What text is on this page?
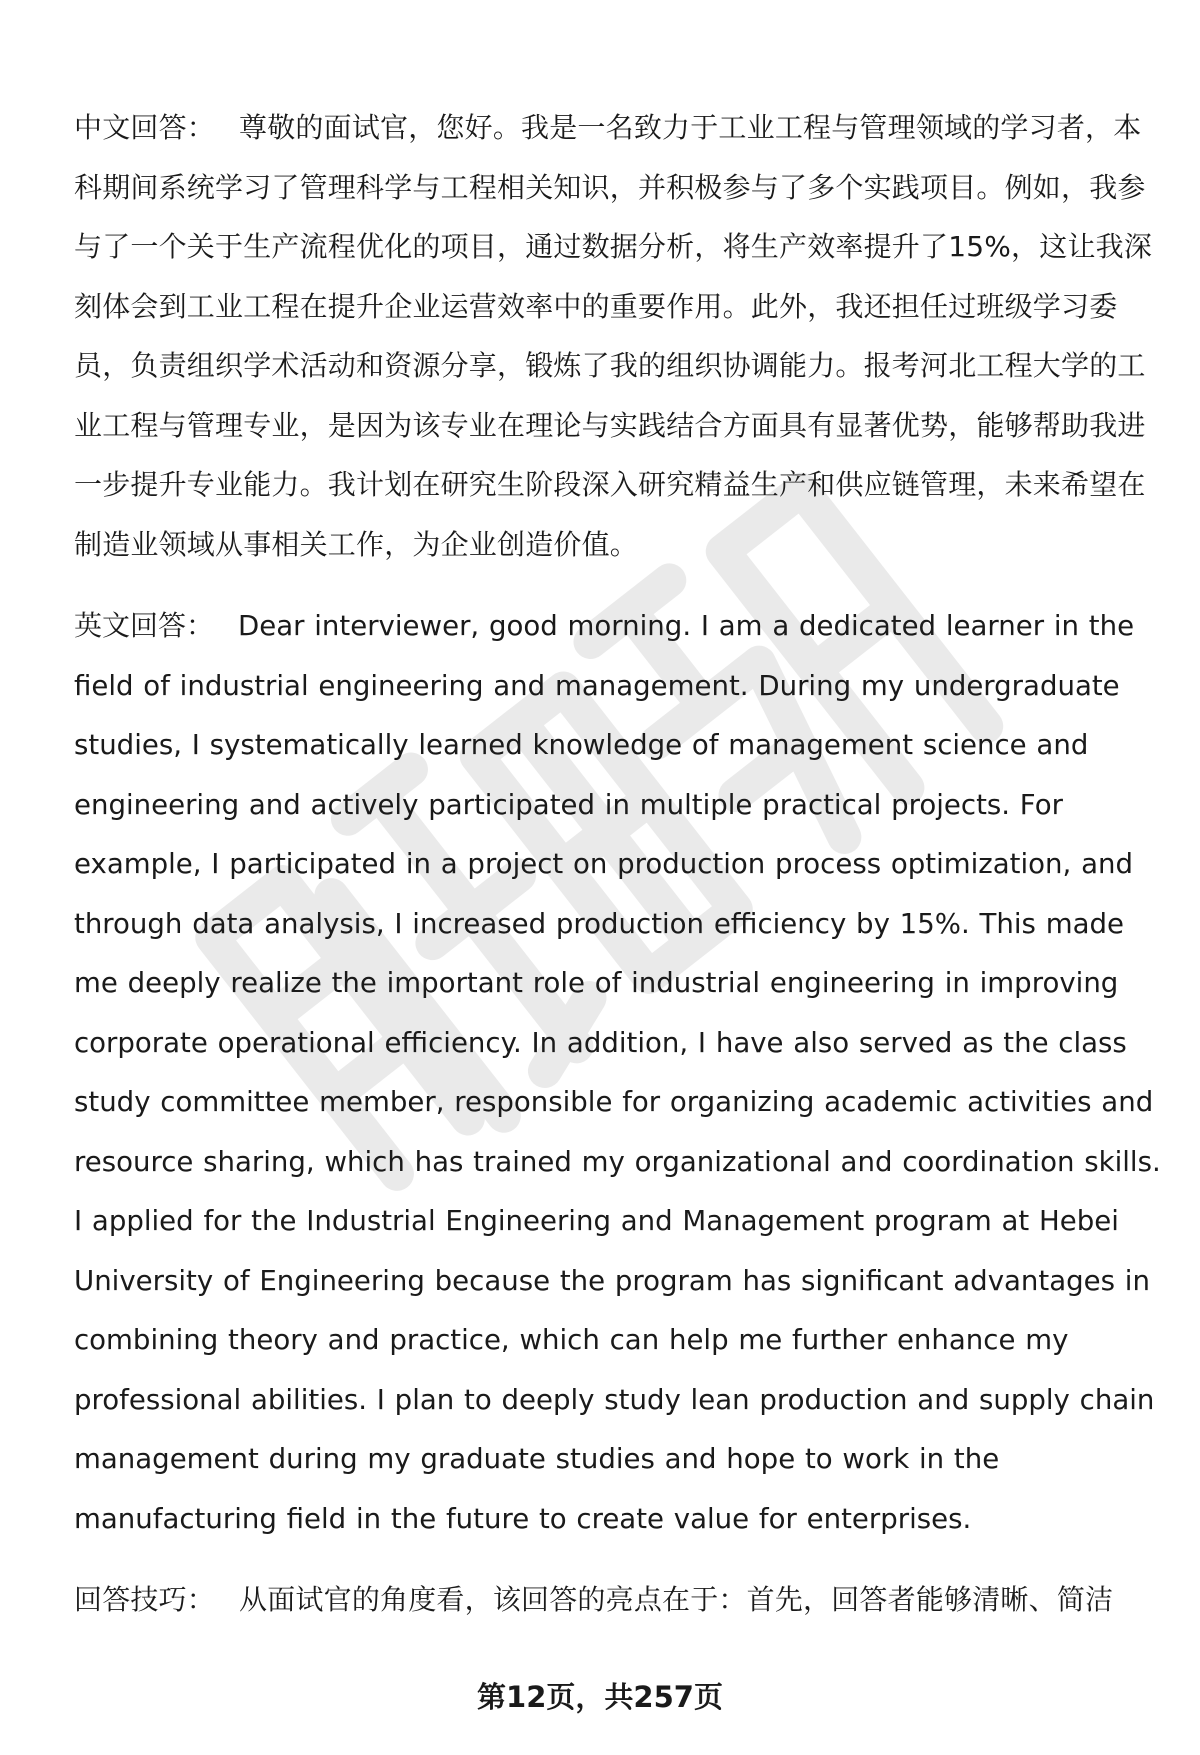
中文回答： 尊敬的面试官，您好。我是一名致力于工业工程与管理领域的学习者，本科期间系统学习了管理科学与工程相关知识，并积极参与了多个实践项目。例如，我参与了一个关于生产流程优化的项目，通过数据分析，将生产效率提升了15%，这让我深刻体会到工业工程在提升企业运营效率中的重要作用。此外，我还担任过班级学习委员，负责组织学术活动和资源分享，锻炼了我的组织协调能力。报考河北工程大学的工业工程与管理专业，是因为该专业在理论与实践结合方面具有显著优势，能够帮助我进一步提升专业能力。我计划在研究生阶段深入研究精益生产和供应链管理，未来希望在制造业领域从事相关工作，为企业创造价值。

英文回答： Dear interviewer, good morning. I am a dedicated learner in the field of industrial engineering and management. During my undergraduate studies, I systematically learned knowledge of management science and engineering and actively participated in multiple practical projects. For example, I participated in a project on production process optimization, and through data analysis, I increased production efficiency by 15%. This made me deeply realize the important role of industrial engineering in improving corporate operational efficiency. In addition, I have also served as the class study committee member, responsible for organizing academic activities and resource sharing, which has trained my organizational and coordination skills. I applied for the Industrial Engineering and Management program at Hebei University of Engineering because the program has significant advantages in combining theory and practice, which can help me further enhance my professional abilities. I plan to deeply study lean production and supply chain management during my graduate studies and hope to work in the manufacturing field in the future to create value for enterprises.

回答技巧： 从面试官的角度看，该回答的亮点在于：首先，回答者能够清晰、简洁

第12页，共257页
